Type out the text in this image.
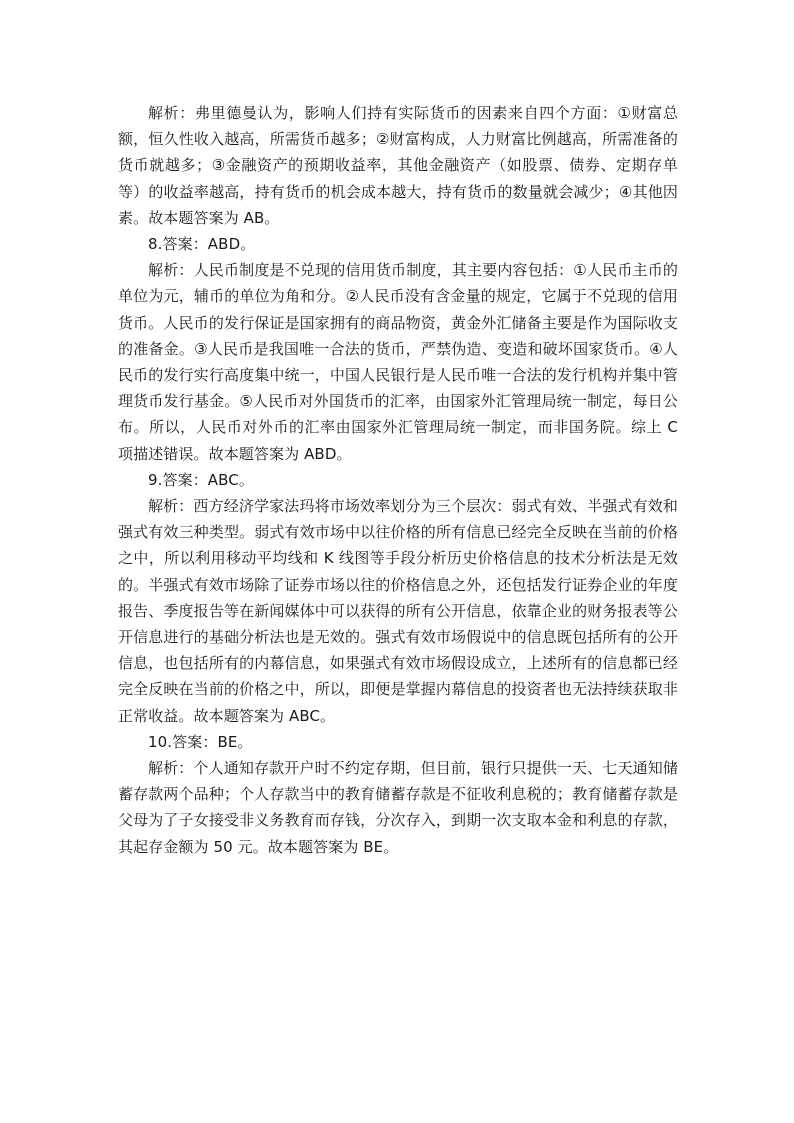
解析：弗里德曼认为，影响人们持有实际货币的因素来自四个方面：①财富总额，恒久性收入越高，所需货币越多；②财富构成，人力财富比例越高，所需准备的货币就越多；③金融资产的预期收益率，其他金融资产（如股票、债券、定期存单等）的收益率越高，持有货币的机会成本越大，持有货币的数量就会减少；④其他因素。故本题答案为 AB。

8.答案：ABD。

解析：人民币制度是不兑现的信用货币制度，其主要内容包括：①人民币主币的单位为元，辅币的单位为角和分。②人民币没有含金量的规定，它属于不兑现的信用货币。人民币的发行保证是国家拥有的商品物资，黄金外汇储备主要是作为国际收支的准备金。③人民币是我国唯一合法的货币，严禁伪造、变造和破坏国家货币。④人民币的发行实行高度集中统一，中国人民银行是人民币唯一合法的发行机构并集中管理货币发行基金。⑤人民币对外国货币的汇率，由国家外汇管理局统一制定，每日公布。所以，人民币对外币的汇率由国家外汇管理局统一制定，而非国务院。综上 C 项描述错误。故本题答案为 ABD。

9.答案：ABC。

解析：西方经济学家法玛将市场效率划分为三个层次：弱式有效、半强式有效和强式有效三种类型。弱式有效市场中以往价格的所有信息已经完全反映在当前的价格之中，所以利用移动平均线和 K 线图等手段分析历史价格信息的技术分析法是无效的。半强式有效市场除了证券市场以往的价格信息之外，还包括发行证券企业的年度报告、季度报告等在新闻媒体中可以获得的所有公开信息，依靠企业的财务报表等公开信息进行的基础分析法也是无效的。强式有效市场假说中的信息既包括所有的公开信息，也包括所有的内幕信息，如果强式有效市场假设成立，上述所有的信息都已经完全反映在当前的价格之中，所以，即便是掌握内幕信息的投资者也无法持续获取非正常收益。故本题答案为 ABC。

10.答案：BE。

解析：个人通知存款开户时不约定存期，但目前，银行只提供一天、七天通知储蓄存款两个品种；个人存款当中的教育储蓄存款是不征收利息税的；教育储蓄存款是父母为了子女接受非义务教育而存钱，分次存入，到期一次支取本金和利息的存款，其起存金额为 50 元。故本题答案为 BE。
